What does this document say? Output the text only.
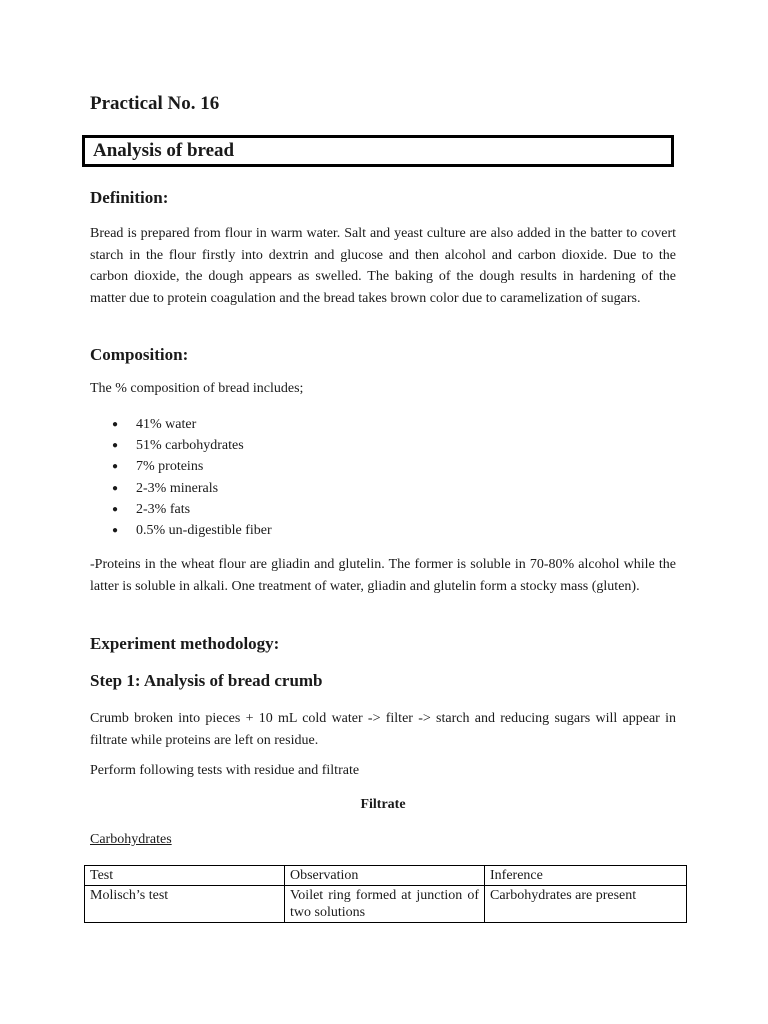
Practical No. 16
Analysis of bread
Definition:
Bread is prepared from flour in warm water. Salt and yeast culture are also added in the batter to covert starch in the flour firstly into dextrin and glucose and then alcohol and carbon dioxide. Due to the carbon dioxide, the dough appears as swelled. The baking of the dough results in hardening of the matter due to protein coagulation and the bread takes brown color due to caramelization of sugars.
Composition:
The % composition of bread includes;
● 41% water
● 51% carbohydrates
● 7% proteins
● 2-3% minerals
● 2-3% fats
● 0.5% un-digestible fiber
-Proteins in the wheat flour are gliadin and glutelin. The former is soluble in 70-80% alcohol while the latter is soluble in alkali. One treatment of water, gliadin and glutelin form a stocky mass (gluten).
Experiment methodology:
Step 1: Analysis of bread crumb
Crumb broken into pieces + 10 mL cold water -> filter -> starch and reducing sugars will appear in filtrate while proteins are left on residue.
Perform following tests with residue and filtrate
Filtrate
Carbohydrates
Test	Observation	Inference
Molisch’s test	Voilet ring formed at junction of two solutions	Carbohydrates are present
